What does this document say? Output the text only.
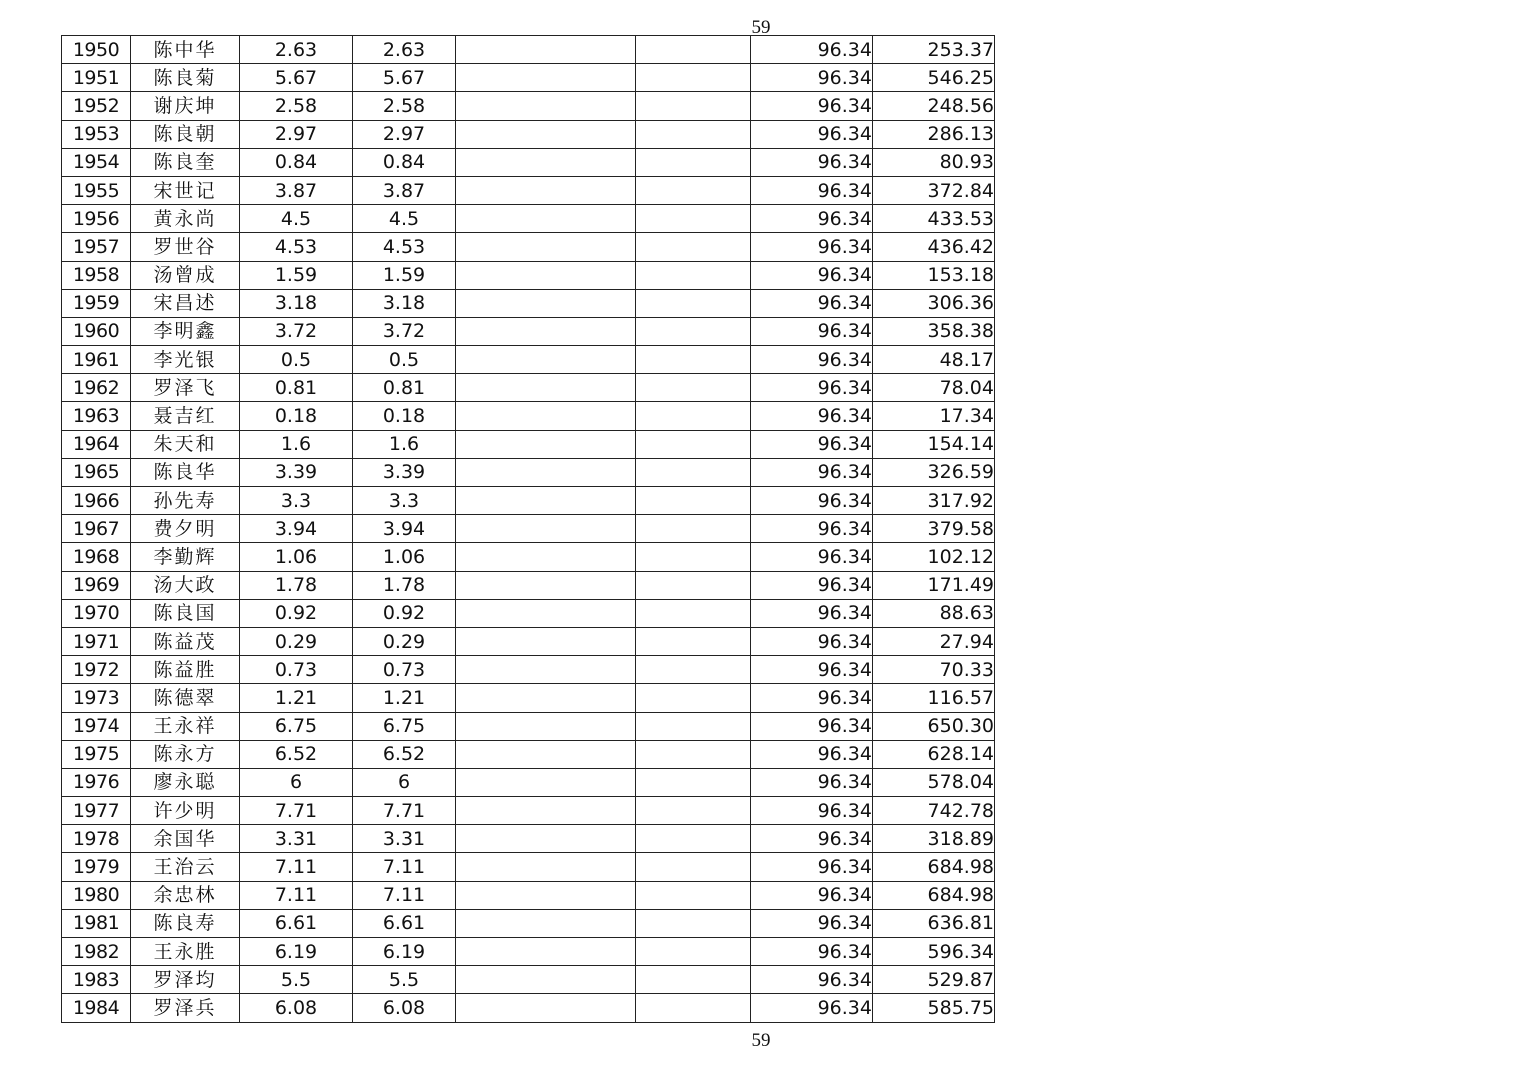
59
1950	陈中华	2.63	2.63			96.34	253.37
1951	陈良菊	5.67	5.67			96.34	546.25
1952	谢庆坤	2.58	2.58			96.34	248.56
1953	陈良朝	2.97	2.97			96.34	286.13
1954	陈良奎	0.84	0.84			96.34	80.93
1955	宋世记	3.87	3.87			96.34	372.84
1956	黄永尚	4.5	4.5			96.34	433.53
1957	罗世谷	4.53	4.53			96.34	436.42
1958	汤曾成	1.59	1.59			96.34	153.18
1959	宋昌述	3.18	3.18			96.34	306.36
1960	李明鑫	3.72	3.72			96.34	358.38
1961	李光银	0.5	0.5			96.34	48.17
1962	罗泽飞	0.81	0.81			96.34	78.04
1963	聂吉红	0.18	0.18			96.34	17.34
1964	朱天和	1.6	1.6			96.34	154.14
1965	陈良华	3.39	3.39			96.34	326.59
1966	孙先寿	3.3	3.3			96.34	317.92
1967	费夕明	3.94	3.94			96.34	379.58
1968	李勤辉	1.06	1.06			96.34	102.12
1969	汤大政	1.78	1.78			96.34	171.49
1970	陈良国	0.92	0.92			96.34	88.63
1971	陈益茂	0.29	0.29			96.34	27.94
1972	陈益胜	0.73	0.73			96.34	70.33
1973	陈德翠	1.21	1.21			96.34	116.57
1974	王永祥	6.75	6.75			96.34	650.30
1975	陈永方	6.52	6.52			96.34	628.14
1976	廖永聪	6	6			96.34	578.04
1977	许少明	7.71	7.71			96.34	742.78
1978	余国华	3.31	3.31			96.34	318.89
1979	王治云	7.11	7.11			96.34	684.98
1980	余忠林	7.11	7.11			96.34	684.98
1981	陈良寿	6.61	6.61			96.34	636.81
1982	王永胜	6.19	6.19			96.34	596.34
1983	罗泽均	5.5	5.5			96.34	529.87
1984	罗泽兵	6.08	6.08			96.34	585.75
59
